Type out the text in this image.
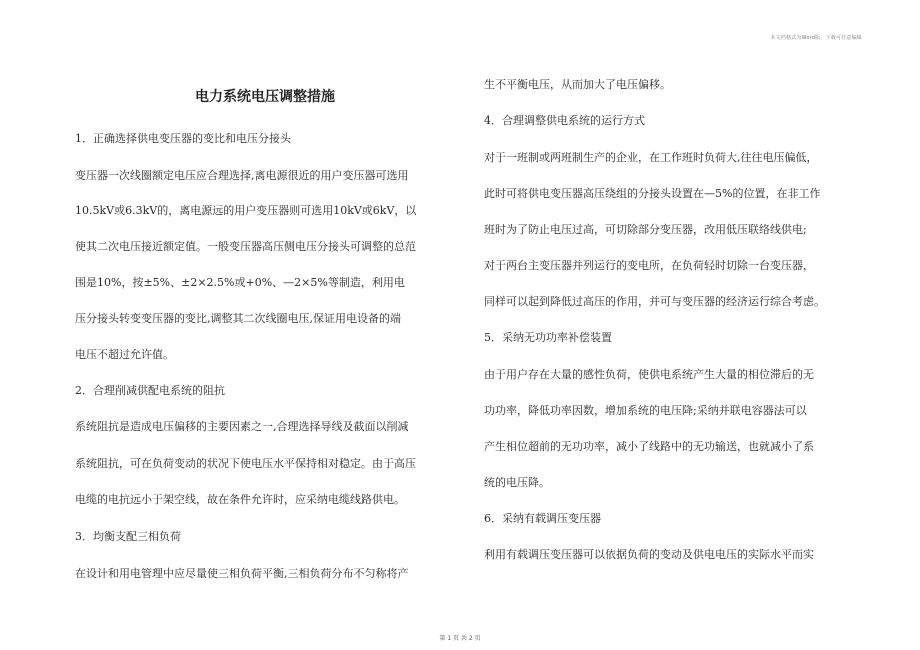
本文档格式为Word版，下载可任意编辑
电力系统电压调整措施
1．正确选择供电变压器的变比和电压分接头
变压器一次线圈额定电压应合理选择,离电源很近的用户变压器可选用
10.5kV或6.3kV的，离电源远的用户变压器则可选用10kV或6kV，以
使其二次电压接近额定值。一般变压器高压侧电压分接头可调整的总范
围是10%，按±5%、±2×2.5%或+0%、—2×5%等制造，利用电
压分接头转变变压器的变比,调整其二次线圈电压,保证用电设备的端
电压不超过允许值。
2．合理削减供配电系统的阻抗
系统阻抗是造成电压偏移的主要因素之一,合理选择导线及截面以削减
系统阻抗，可在负荷变动的状况下使电压水平保持相对稳定。由于高压
电缆的电抗远小于架空线，故在条件允许时，应采纳电缆线路供电。
3．均衡支配三相负荷
在设计和用电管理中应尽量使三相负荷平衡,三相负荷分布不匀称将产
生不平衡电压，从而加大了电压偏移。
4．合理调整供电系统的运行方式
对于一班制或两班制生产的企业，在工作班时负荷大,往往电压偏低，
此时可将供电变压器高压绕组的分接头设置在—5%的位置，在非工作
班时为了防止电压过高，可切除部分变压器，改用低压联络线供电;
对于两台主变压器并列运行的变电所，在负荷轻时切除一台变压器，
同样可以起到降低过高压的作用，并可与变压器的经济运行综合考虑。
5．采纳无功功率补偿装置
由于用户存在大量的感性负荷，使供电系统产生大量的相位滞后的无
功功率，降低功率因数，增加系统的电压降;采纳并联电容器法可以
产生相位超前的无功功率，减小了线路中的无功输送，也就减小了系
统的电压降。
6．采纳有载调压变压器
利用有载调压变压器可以依据负荷的变动及供电电压的实际水平而实
第 1 页 共 2 页
